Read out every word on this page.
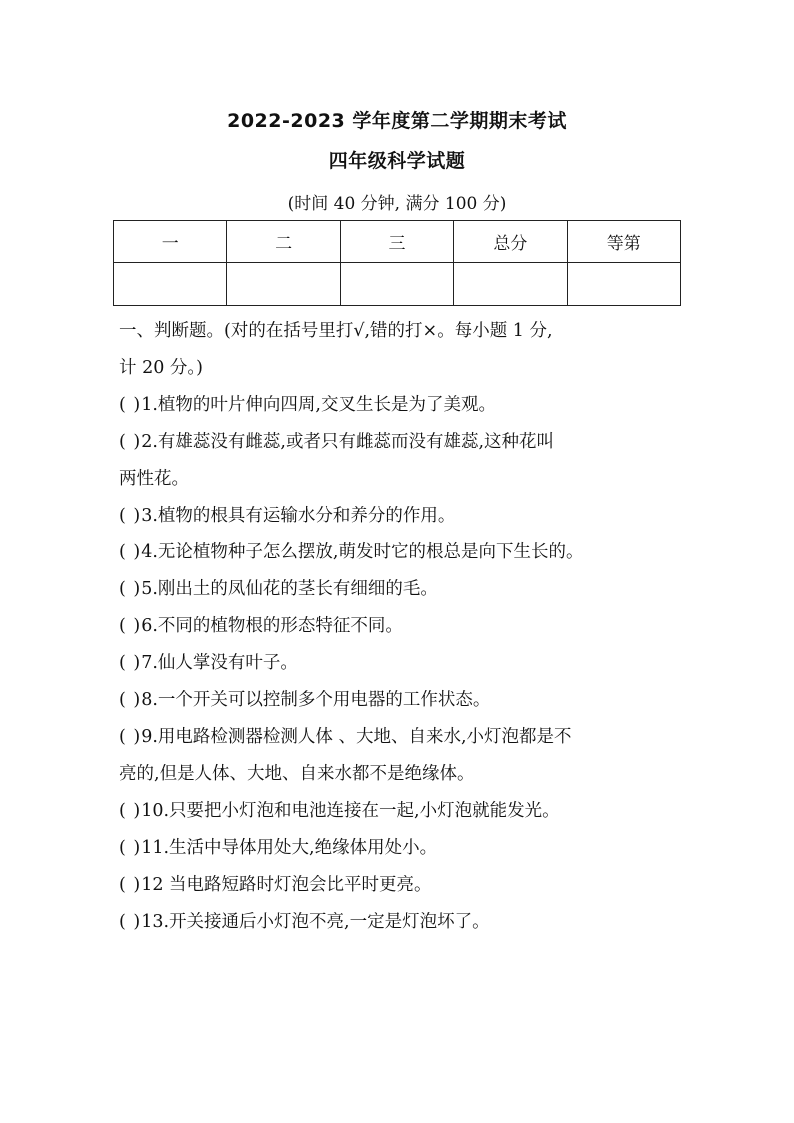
2022-2023 学年度第二学期期末考试
四年级科学试题
(时间 40 分钟, 满分 100 分)
一	二	三	总分	等第

一、判断题。(对的在括号里打√,错的打×。每小题 1 分,
计 20 分。)
( )1.植物的叶片伸向四周,交叉生长是为了美观。
( )2.有雄蕊没有雌蕊,或者只有雌蕊而没有雄蕊,这种花叫
两性花。
( )3.植物的根具有运输水分和养分的作用。
( )4.无论植物种子怎么摆放,萌发时它的根总是向下生长的。
( )5.刚出土的凤仙花的茎长有细细的毛。
( )6.不同的植物根的形态特征不同。
( )7.仙人掌没有叶子。
( )8.一个开关可以控制多个用电器的工作状态。
( )9.用电路检测器检测人体 、大地、自来水,小灯泡都是不
亮的,但是人体、大地、自来水都不是绝缘体。
( )10.只要把小灯泡和电池连接在一起,小灯泡就能发光。
( )11.生活中导体用处大,绝缘体用处小。
( )12 当电路短路时灯泡会比平时更亮。
( )13.开关接通后小灯泡不亮,一定是灯泡坏了。
